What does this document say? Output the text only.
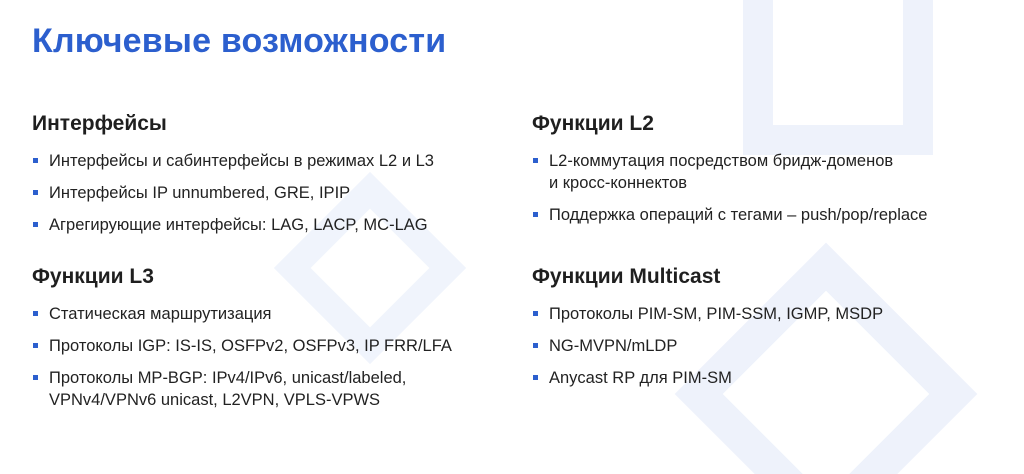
Ключевые возможности
Интерфейсы
Интерфейсы и сабинтерфейсы в режимах L2 и L3
Интерфейсы IP unnumbered, GRE, IPIP
Агрегирующие интерфейсы: LAG, LACP, MC-LAG
Функции L3
Статическая маршрутизация
Протоколы IGP: IS-IS, OSFPv2, OSFPv3, IP FRR/LFA
Протоколы MP-BGP: IPv4/IPv6, unicast/labeled,
VPNv4/VPNv6 unicast, L2VPN, VPLS-VPWS
Функции L2
L2-коммутация посредством бридж-доменов
и кросс-коннектов
Поддержка операций с тегами – push/pop/replace
Функции Multicast
Протоколы PIM-SM, PIM-SSM, IGMP, MSDP
NG-MVPN/mLDP
Anycast RP для PIM-SM
